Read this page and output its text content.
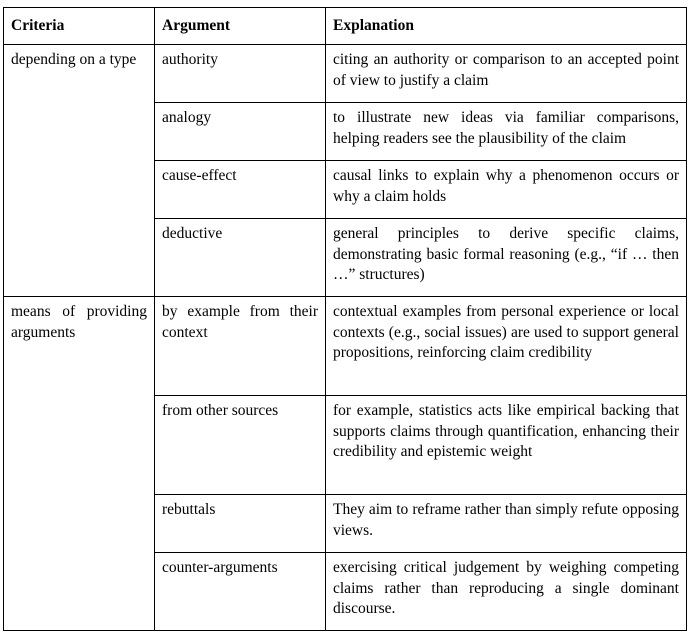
Criteria	Argument	Explanation
depending on a type	authority	citing an authority or comparison to an accepted point of view to justify a claim
	analogy	to illustrate new ideas via familiar comparisons, helping readers see the plausibility of the claim
	cause-effect	causal links to explain why a phenomenon occurs or why a claim holds
	deductive	general principles to derive specific claims, demonstrating basic formal reasoning (e.g., “if … then …” structures)
means of providing arguments	by example from their context	contextual examples from personal experience or local contexts (e.g., social issues) are used to support general propositions, reinforcing claim credibility
	from other sources	for example, statistics acts like empirical backing that supports claims through quantification, enhancing their credibility and epistemic weight
	rebuttals	They aim to reframe rather than simply refute opposing views.
	counter-arguments	exercising critical judgement by weighing competing claims rather than reproducing a single dominant discourse.
